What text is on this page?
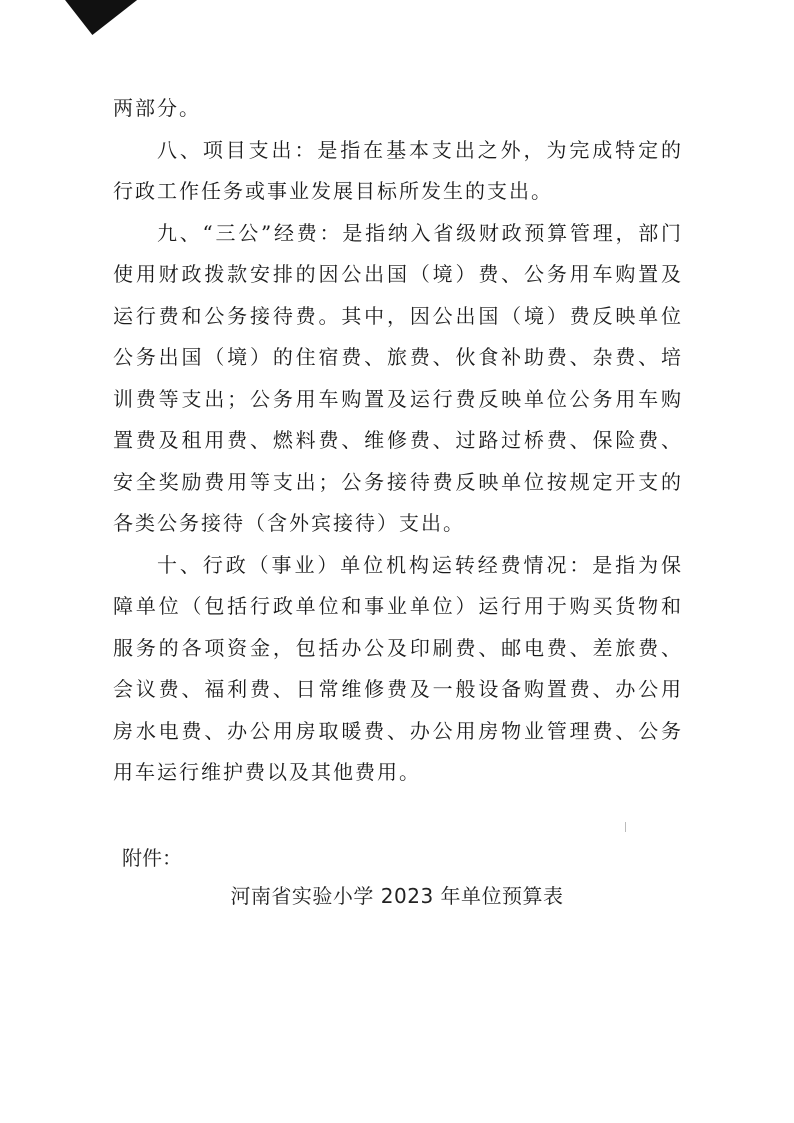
两部分。

八、项目支出：是指在基本支出之外，为完成特定的行政工作任务或事业发展目标所发生的支出。

九、“三公”经费：是指纳入省级财政预算管理，部门使用财政拨款安排的因公出国（境）费、公务用车购置及运行费和公务接待费。其中，因公出国（境）费反映单位公务出国（境）的住宿费、旅费、伙食补助费、杂费、培训费等支出；公务用车购置及运行费反映单位公务用车购置费及租用费、燃料费、维修费、过路过桥费、保险费、安全奖励费用等支出；公务接待费反映单位按规定开支的各类公务接待（含外宾接待）支出。

十、行政（事业）单位机构运转经费情况：是指为保障单位（包括行政单位和事业单位）运行用于购买货物和服务的各项资金，包括办公及印刷费、邮电费、差旅费、会议费、福利费、日常维修费及一般设备购置费、办公用房水电费、办公用房取暖费、办公用房物业管理费、公务用车运行维护费以及其他费用。

附件：
河南省实验小学 2023 年单位预算表
